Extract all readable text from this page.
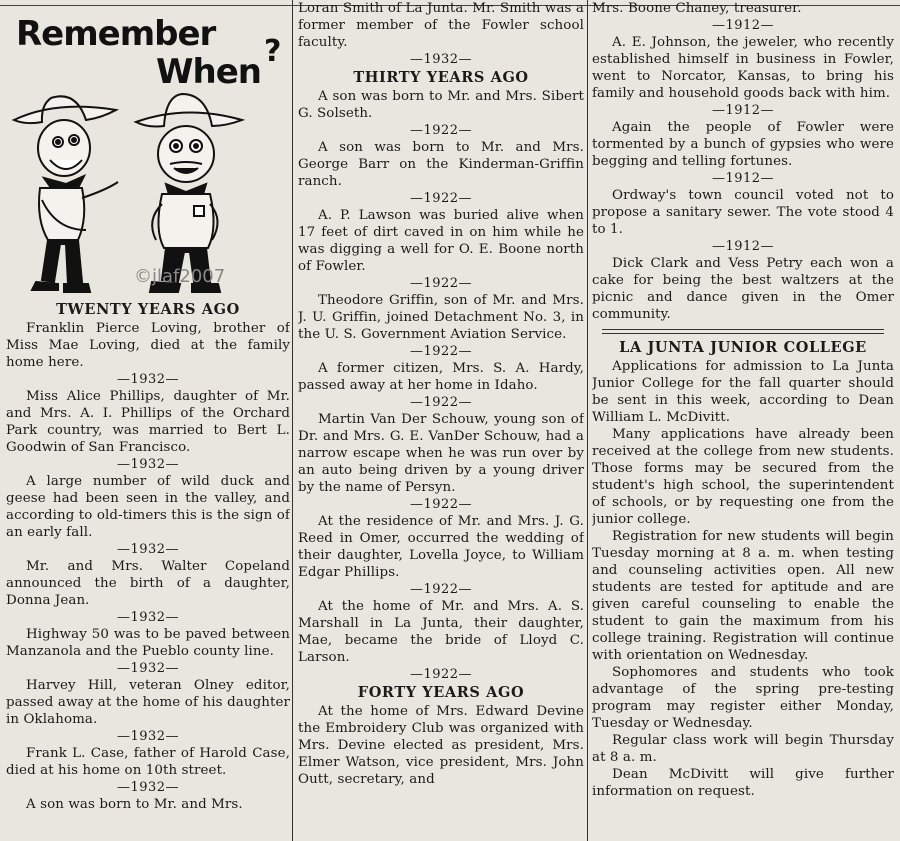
Remember ?
When
©jlaf2007
TWENTY YEARS AGO

Franklin Pierce Loving, brother of Miss Mae Loving, died at the family home here.

—1932—

Miss Alice Phillips, daughter of Mr. and Mrs. A. I. Phillips of the Orchard Park country, was married to Bert L. Goodwin of San Francisco.

—1932—

A large number of wild duck and geese had been seen in the valley, and according to old-timers this is the sign of an early fall.

—1932—

Mr. and Mrs. Walter Copeland announced the birth of a daughter, Donna Jean.

—1932—

Highway 50 was to be paved between Manzanola and the Pueblo county line.

—1932—

Harvey Hill, veteran Olney editor, passed away at the home of his daughter in Oklahoma.

—1932—

Frank L. Case, father of Harold Case, died at his home on 10th street.

—1932—

A son was born to Mr. and Mrs.

Loran Smith of La Junta. Mr. Smith was a former member of the Fowler school faculty.

—1932—

THIRTY YEARS AGO

A son was born to Mr. and Mrs. Sibert G. Solseth.

—1922—

A son was born to Mr. and Mrs. George Barr on the Kinderman-Griffin ranch.

—1922—

A. P. Lawson was buried alive when 17 feet of dirt caved in on him while he was digging a well for O. E. Boone north of Fowler.

—1922—

Theodore Griffin, son of Mr. and Mrs. J. U. Griffin, joined Detachment No. 3, in the U. S. Government Aviation Service.

—1922—

A former citizen, Mrs. S. A. Hardy, passed away at her home in Idaho.

—1922—

Martin Van Der Schouw, young son of Dr. and Mrs. G. E. VanDer Schouw, had a narrow escape when he was run over by an auto being driven by a young driver by the name of Persyn.

—1922—

At the residence of Mr. and Mrs. J. G. Reed in Omer, occurred the wedding of their daughter, Lovella Joyce, to William Edgar Phillips.

—1922—

At the home of Mr. and Mrs. A. S. Marshall in La Junta, their daughter, Mae, became the bride of Lloyd C. Larson.

—1922—

FORTY YEARS AGO

At the home of Mrs. Edward Devine the Embroidery Club was organized with Mrs. Devine elected as president, Mrs. Elmer Watson, vice president, Mrs. John Outt, secretary, and

Mrs. Boone Chaney, treasurer.

—1912—

A. E. Johnson, the jeweler, who recently established himself in business in Fowler, went to Norcator, Kansas, to bring his family and household goods back with him.

—1912—

Again the people of Fowler were tormented by a bunch of gypsies who were begging and telling fortunes.

—1912—

Ordway's town council voted not to propose a sanitary sewer. The vote stood 4 to 1.

—1912—

Dick Clark and Vess Petry each won a cake for being the best waltzers at the picnic and dance given in the Omer community.

LA JUNTA JUNIOR COLLEGE

Applications for admission to La Junta Junior College for the fall quarter should be sent in this week, according to Dean William L. McDivitt.

Many applications have already been received at the college from new students. Those forms may be secured from the student's high school, the superintendent of schools, or by requesting one from the junior college.

Registration for new students will begin Tuesday morning at 8 a. m. when testing and counseling activities open. All new students are tested for aptitude and are given careful counseling to enable the student to gain the maximum from his college training. Registration will continue with orientation on Wednesday.

Sophomores and students who took advantage of the spring pre-testing program may register either Monday, Tuesday or Wednesday.

Regular class work will begin Thursday at 8 a. m.

Dean McDivitt will give further information on request.
